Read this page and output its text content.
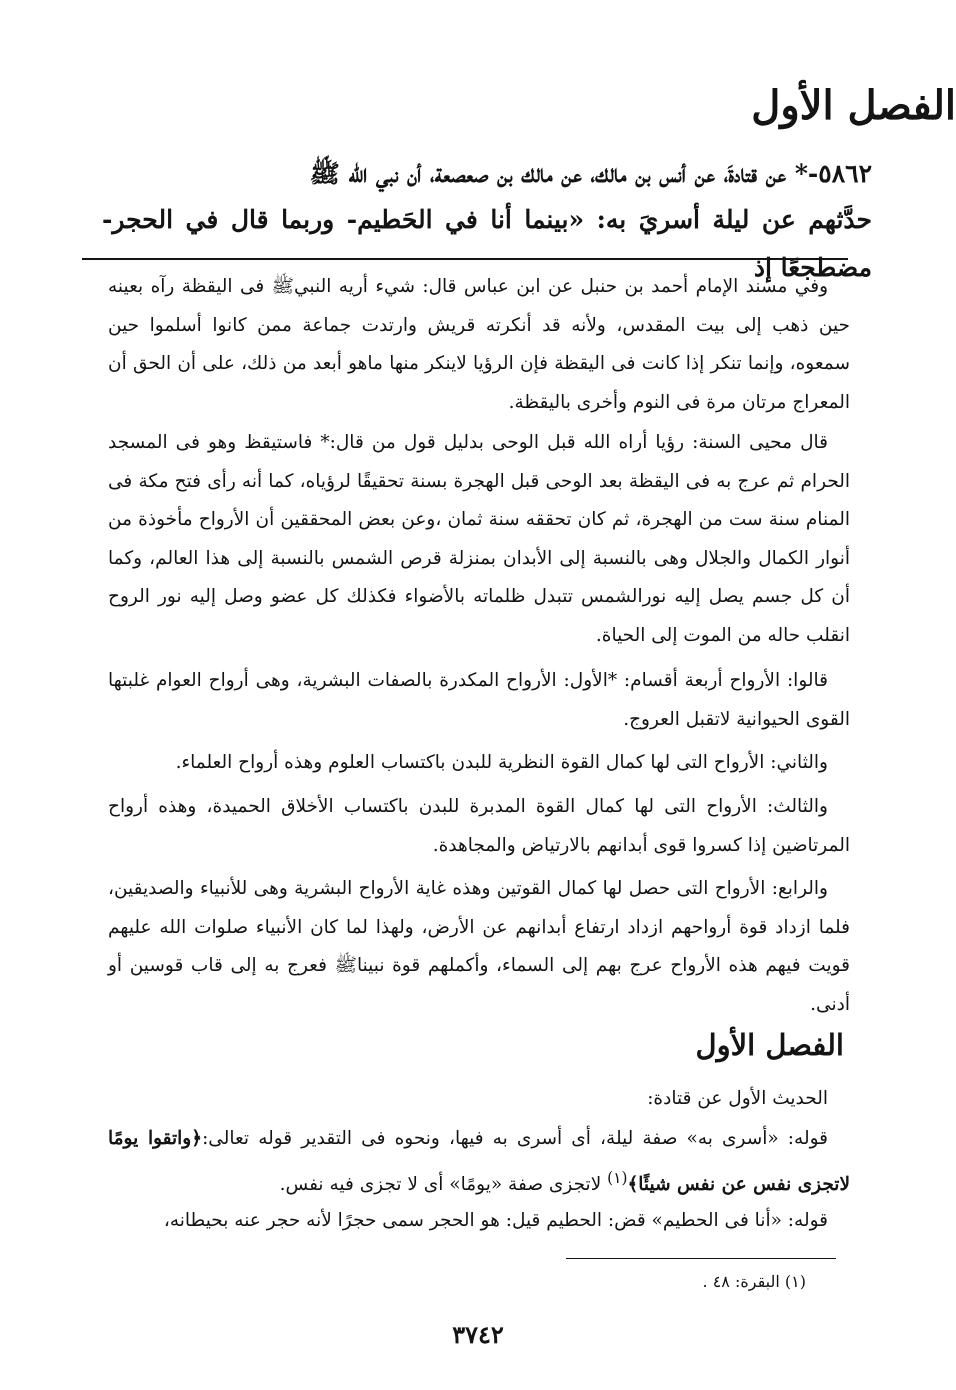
الفصل الأول
٥٨٦٢-* عن قتادةَ، عن أنس بن مالك، عن مالك بن صعصعة، أن نبي الله ﷺ
حدَّثهم عن ليلة أسريَ به: «بينما أنا في الحَطيم- وربما قال في الحجر- مضطجعًا إذ

وفي مسند الإمام أحمد بن حنبل عن ابن عباس قال: شيء أريه النبيﷺ فى اليقظة رآه بعينه حين ذهب إلى بيت المقدس، ولأنه قد أنكرته قريش وارتدت جماعة ممن كانوا أسلموا حين سمعوه، وإنما تنكر إذا كانت فى اليقظة فإن الرؤيا لاينكر منها ماهو أبعد من ذلك، على أن الحق أن المعراج مرتان مرة فى النوم وأخرى باليقظة.

قال محيى السنة: رؤيا أراه الله قبل الوحى بدليل قول من قال:* فاستيقظ وهو فى المسجد الحرام ثم عرج به فى اليقظة بعد الوحى قبل الهجرة بسنة تحقيقًا لرؤياه، كما أنه رأى فتح مكة فى المنام سنة ست من الهجرة، ثم كان تحققه سنة ثمان ،وعن بعض المحققين أن الأرواح مأخوذة من أنوار الكمال والجلال وهى بالنسبة إلى الأبدان بمنزلة قرص الشمس بالنسبة إلى هذا العالم، وكما أن كل جسم يصل إليه نورالشمس تتبدل ظلماته بالأضواء فكذلك كل عضو وصل إليه نور الروح انقلب حاله من الموت إلى الحياة.

قالوا: الأرواح أربعة أقسام: *الأول: الأرواح المكدرة بالصفات البشرية، وهى أرواح العوام غلبتها القوى الحيوانية لاتقبل العروج.

والثاني: الأرواح التى لها كمال القوة النظرية للبدن باكتساب العلوم وهذه أرواح العلماء.

والثالث: الأرواح التى لها كمال القوة المدبرة للبدن باكتساب الأخلاق الحميدة، وهذه أرواح المرتاضين إذا كسروا قوى أبدانهم بالارتياض والمجاهدة.

والرابع: الأرواح التى حصل لها كمال القوتين وهذه غاية الأرواح البشرية وهى للأنبياء والصديقين، فلما ازداد قوة أرواحهم ازداد ارتفاع أبدانهم عن الأرض، ولهذا لما كان الأنبياء صلوات الله عليهم قويت فيهم هذه الأرواح عرج بهم إلى السماء، وأكملهم قوة نبيناﷺ فعرج به إلى قاب قوسين أو أدنى.

الفصل الأول

الحديث الأول عن قتادة:

قوله: «أسرى به» صفة ليلة، أى أسرى به فيها، ونحوه فى التقدير قوله تعالى:﴿واتقوا يومًا لاتجزى نفس عن نفس شيئًا﴾$^{(١)}$ لاتجزى صفة «يومًا» أى لا تجزى فيه نفس.

قوله: «أنا فى الحطيم» قض: الحطيم قيل: هو الحجر سمى حجرًا لأنه حجر عنه بحيطانه،

(١) البقرة: ٤٨ .
٣٧٤٢
